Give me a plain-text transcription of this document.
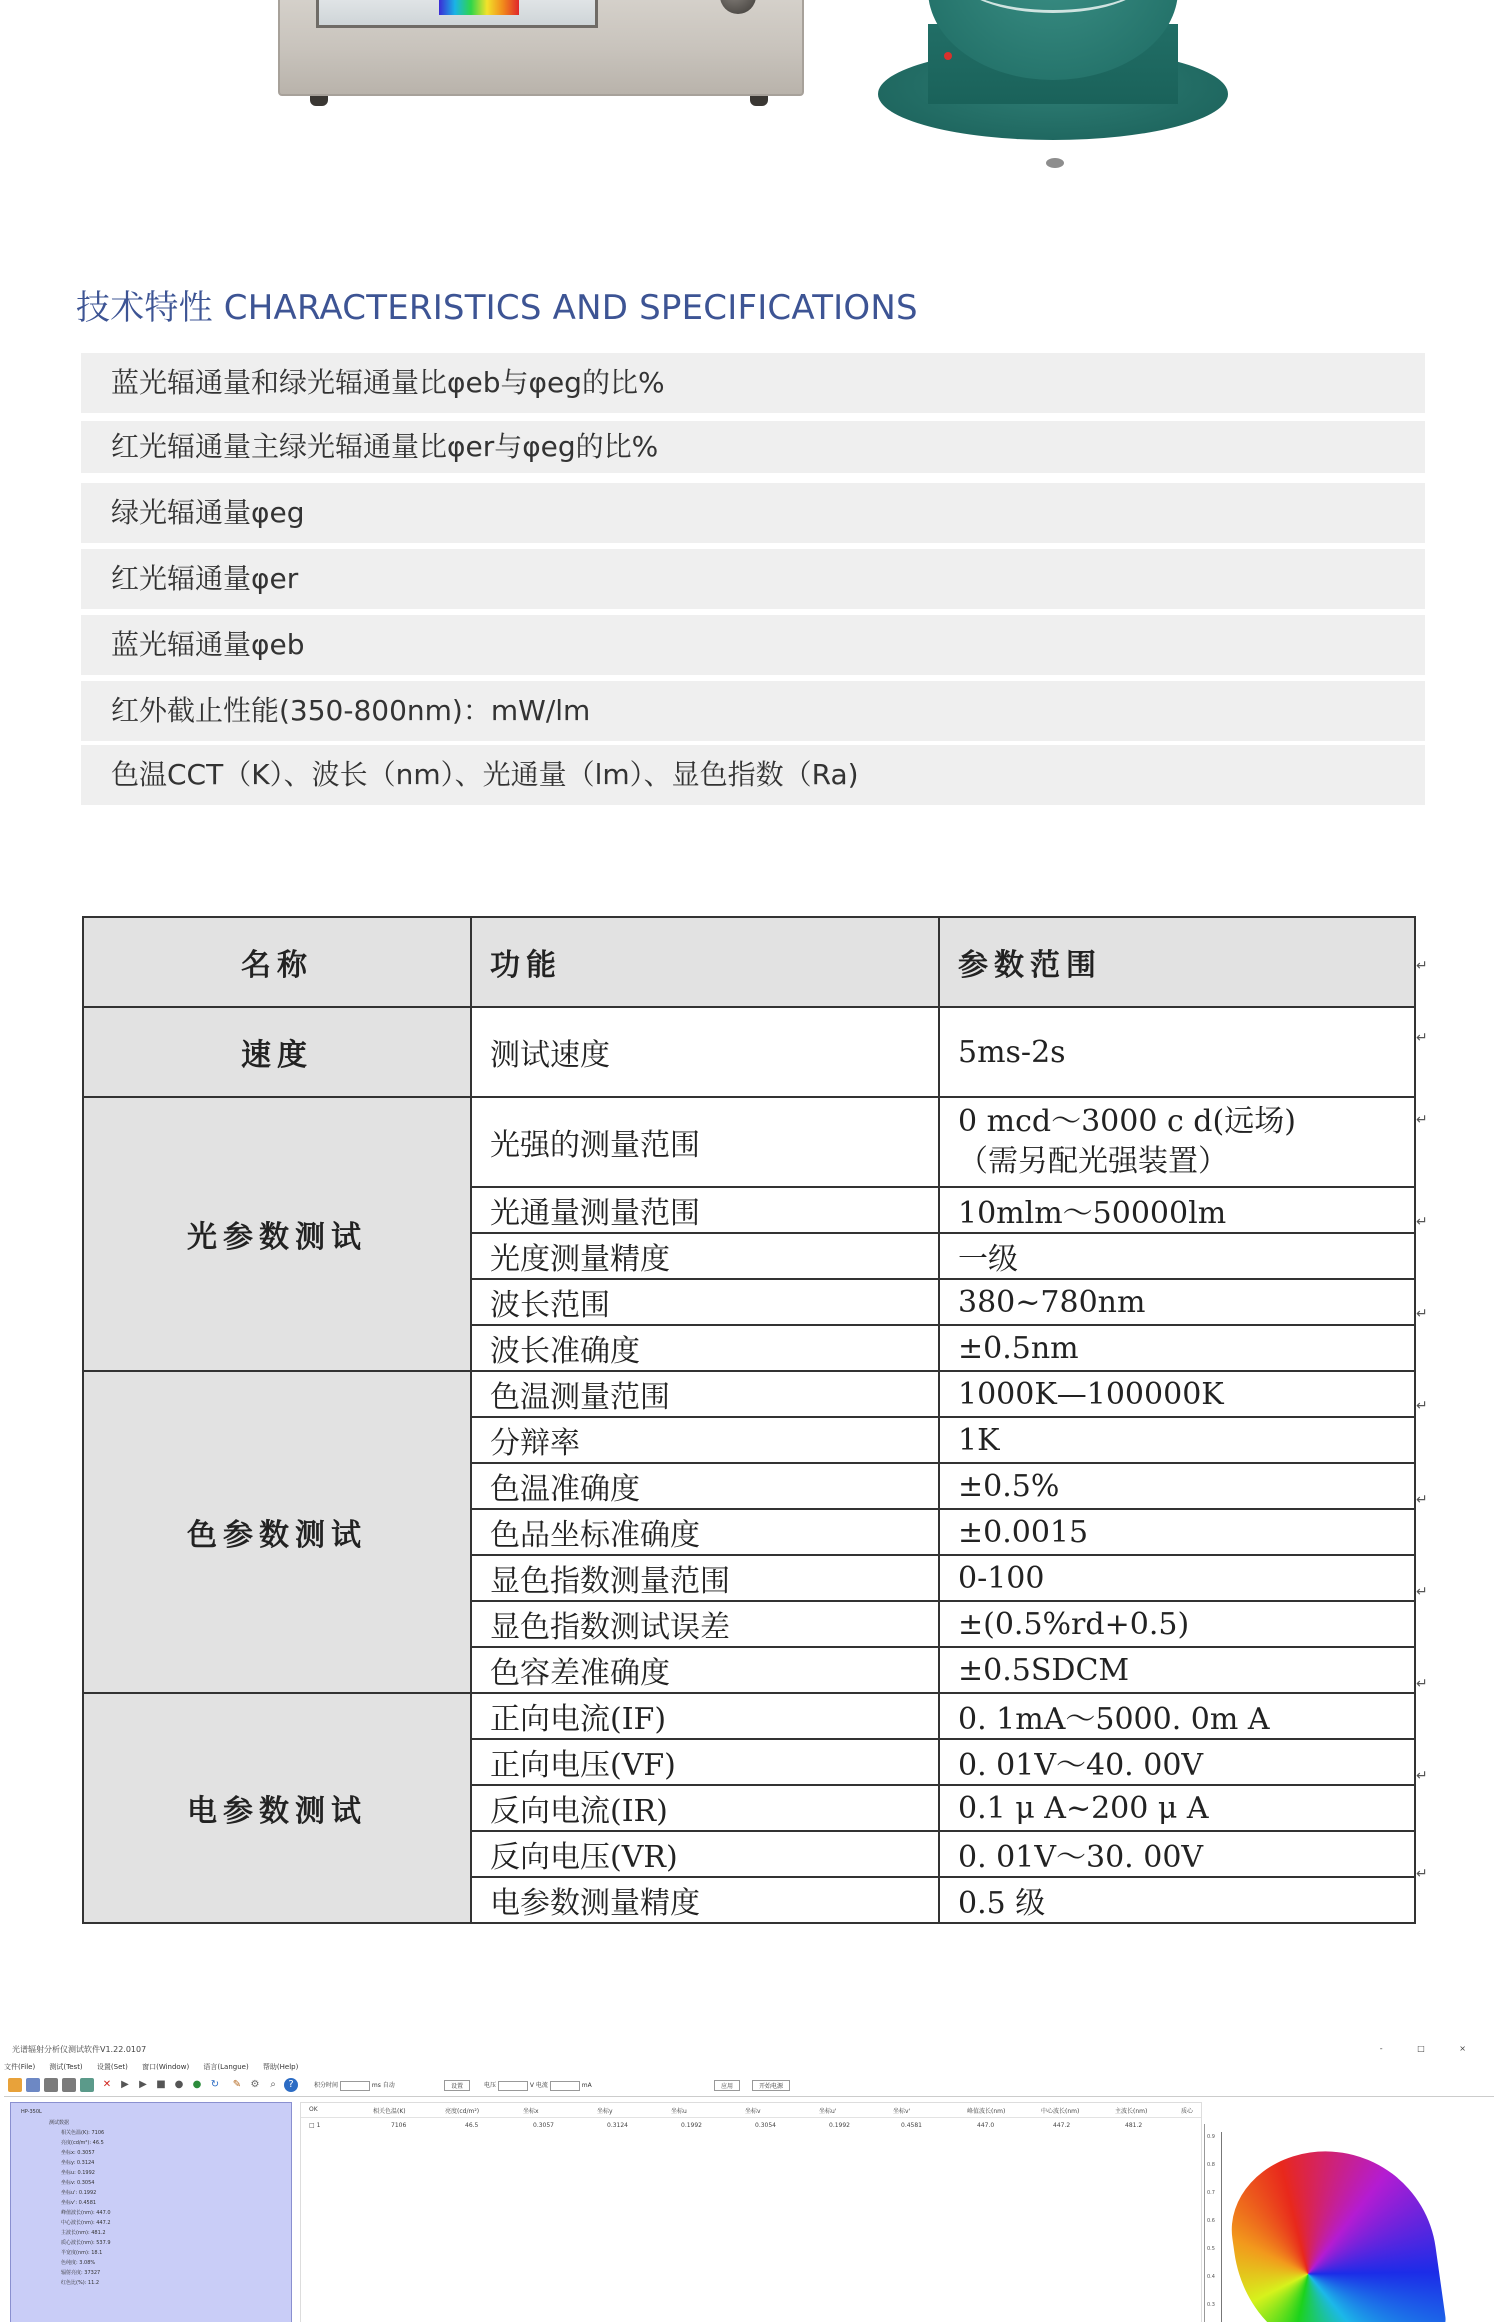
技术特性 CHARACTERISTICS AND SPECIFICATIONS
蓝光辐通量和绿光辐通量比φeb与φeg的比%
红光辐通量主绿光辐通量比φer与φeg的比%
绿光辐通量φeg
红光辐通量φer
蓝光辐通量φeb
红外截止性能(350-800nm)：mW/lm
色温CCT（K）、波长（nm）、光通量（lm）、显色指数（Ra)
名称	功能	参数范围
速度	测试速度	5ms-2s
光参数测试	光强的测量范围	0 mcd～3000 c d(远场)
（需另配光强装置）

	光通量测量范围	10mlm～50000lm
	光度测量精度	一级
	波长范围	380~780nm
	波长准确度	±0.5nm
色参数测试	色温测量范围	1000K—100000K
	分辩率	1K
	色温准确度	±0.5%
	色品坐标准确度	±0.0015
	显色指数测量范围	0-100
	显色指数测试误差	±(0.5%rd+0.5)
	色容差准确度	±0.5SDCM
电参数测试	正向电流(IF)	0. 1mA～5000. 0m A
	正向电压(VF)	0. 01V～40. 00V
	反向电流(IR)	0.1 μ A~200 μ A
	反向电压(VR)	0. 01V～30. 00V
	电参数测量精度	0.5 级
↵
↵
↵
↵
↵
↵
↵
↵
↵
↵
↵
光谱辐射分析仪测试软件V1.22.0107	- □ ×
文件(File) 测试(Test) 设置(Set) 窗口(Window) 语言(Langue) 帮助(Help)
✕ ▶	▶ ■ ● ● ↻ ✎ ⚙	⌕	?	积分时间	ms 自动	设置	电压	V 电流	mA	应用	开始电源
HP-350L
测试数据
相关色温(K): 7106
亮度(cd/m²): 46.5
坐标x: 0.3057
坐标y: 0.3124
坐标u: 0.1992
坐标v: 0.3054
坐标u': 0.1992
坐标v': 0.4581
峰值波长(nm): 447.0
中心波长(nm): 447.2
主波长(nm): 481.2
质心波长(nm): 537.9
半宽度(nm): 18.1
色纯度: 3.08%
辐射亮度: 37327
红色比(%): 11.2
OK	相关色温(K)	亮度(cd/m²)	坐标x	坐标y	坐标u	坐标v	坐标u'	坐标v'	峰值波长(nm)	中心波长(nm)	主波长(nm)	质心
□ 1	7106	46.5	0.3057	0.3124	0.1992	0.3054	0.1992	0.4581	447.0	447.2	481.2
0.9
0.8
0.7
0.6
0.5
0.4
0.3
